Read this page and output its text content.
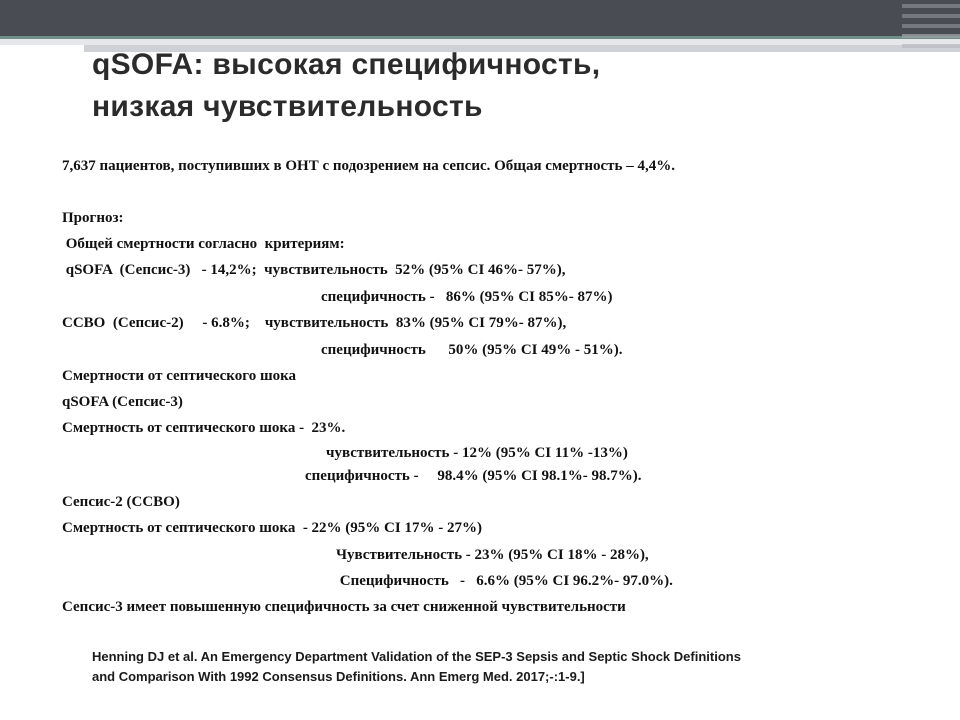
qSOFA: высокая специфичность,
низкая чувствительность
7,637 пациентов, поступивших в ОНТ с подозрением на сепсис. Общая смертность – 4,4%.
Прогноз:
Общей смертности согласно  критериям:
qSOFA  (Сепсис-3)   - 14,2%;  чувствительность  52% (95% CI 46%- 57%),
специфичность -   86% (95% CI 85%- 87%)
ССВО  (Сепсис-2)     - 6.8%;    чувствительность  83% (95% CI 79%- 87%),
специфичность      50% (95% CI 49% - 51%).
Смертности от септического шока
qSOFA (Сепсис-3)
Смертность от септического шока -  23%.
чувствительность - 12% (95% CI 11% -13%)
специфичность -     98.4% (95% CI 98.1%- 98.7%).
Сепсис-2 (ССВО)
Смертность от септического шока  - 22% (95% CI 17% - 27%)
Чувствительность - 23% (95% CI 18% - 28%),
Специфичность   -   6.6% (95% CI 96.2%- 97.0%).
Сепсис-3 имеет повышенную специфичность за счет сниженной чувствительности
Henning DJ et al. An Emergency Department Validation of the SEP-3 Sepsis and Septic Shock Definitions
and Comparison With 1992 Consensus Definitions. Ann Emerg Med. 2017;-:1-9.]
